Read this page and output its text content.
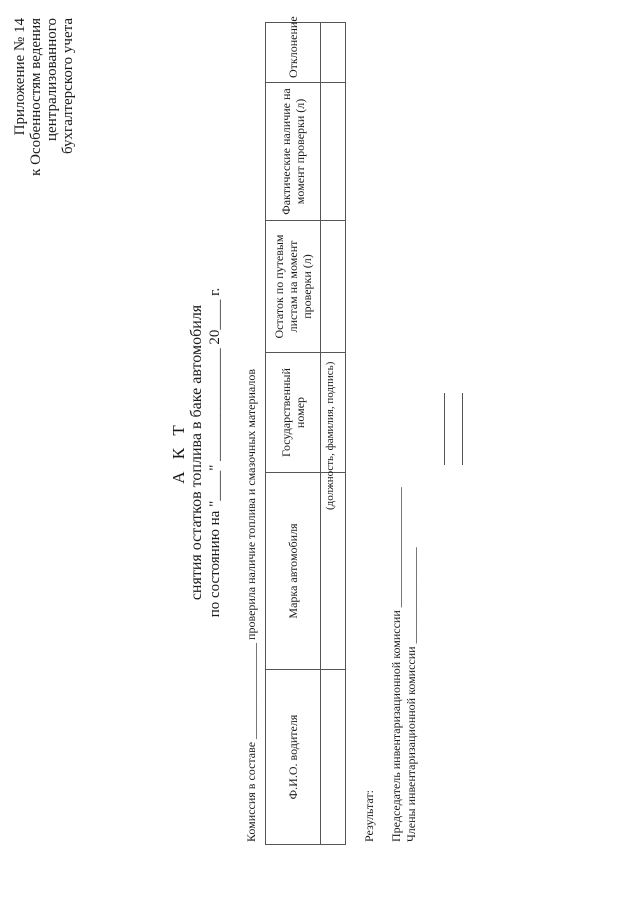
Приложение № 14 к Особенностям ведения централизованного бухгалтерского учета
А К Т снятия остатков топлива в баке автомобиля по состоянию на "____" _______________ 20____ г.
Комиссия в составе ________________ проверила наличие топлива и смазочных материалов
Ф.И.О. водителя	Марка автомобиля	Государственный номер	Остаток по путевым листам на момент проверки (л)	Фактические наличие на момент проверки (л)	Отклонение

Результат: Председатель инвентаризационной комиссии ____________________
(должность, фамилия, подпись)
Члены инвентаризационной комиссии ________________
